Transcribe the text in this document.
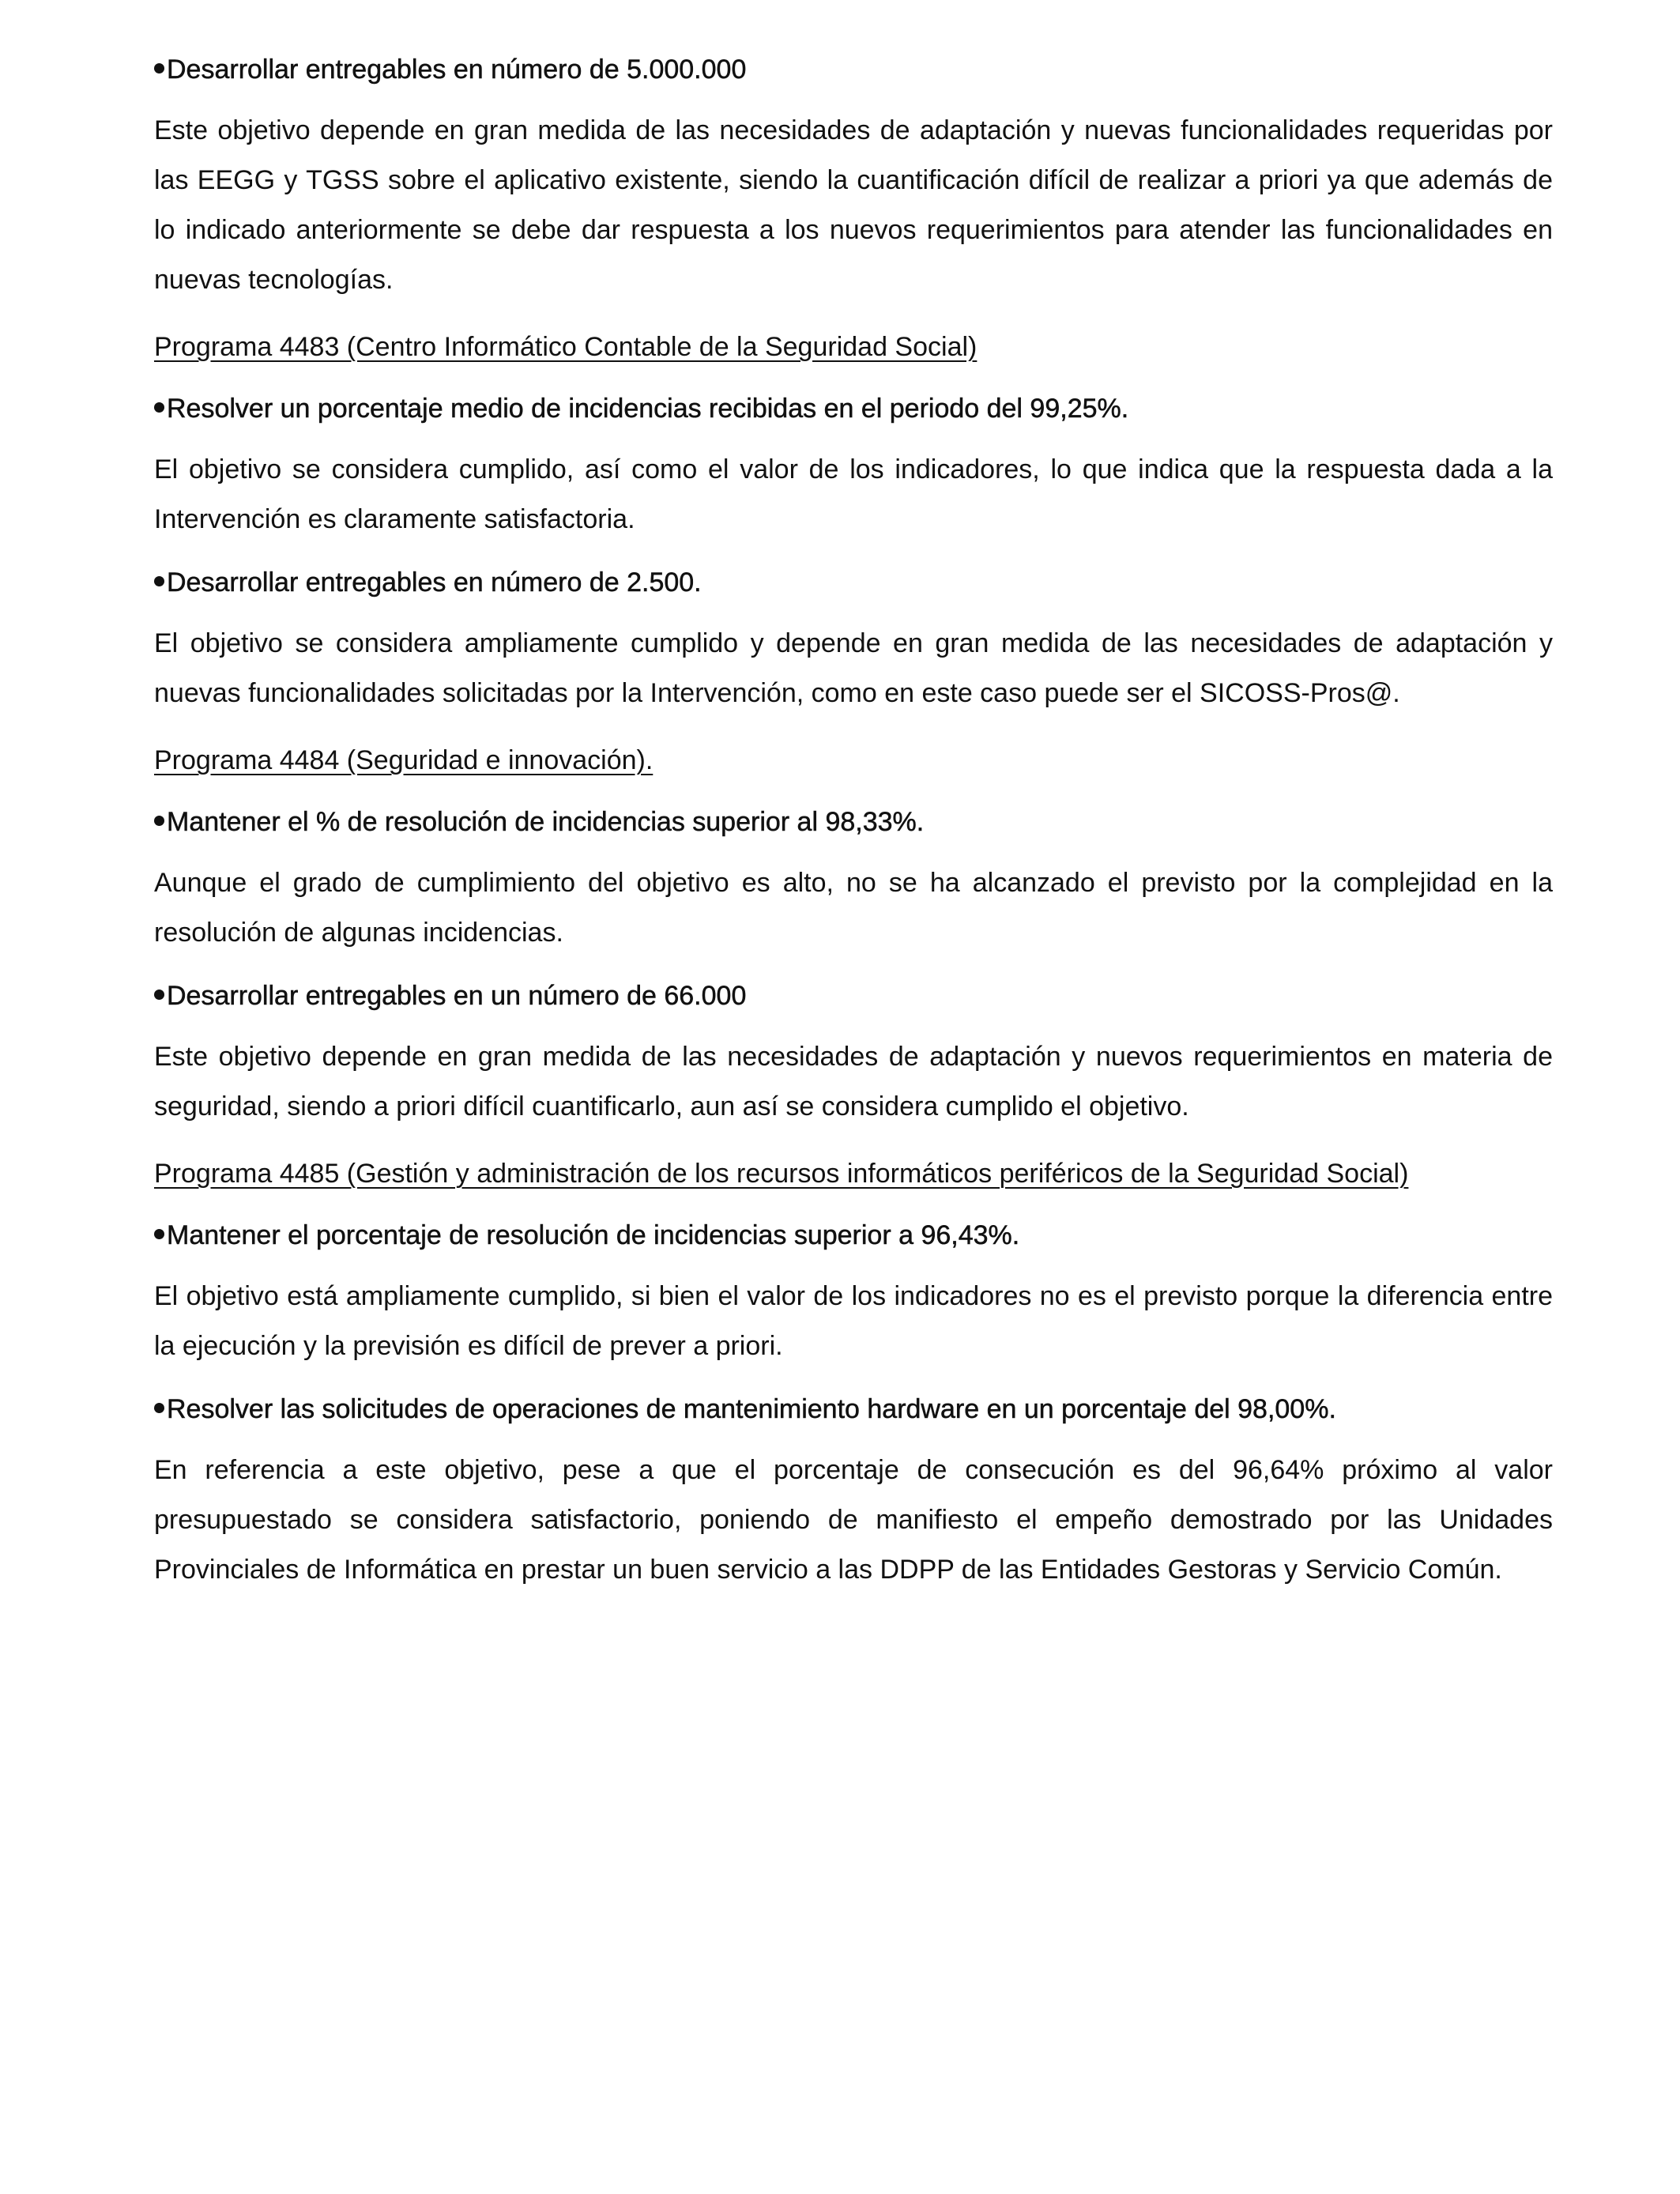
Desarrollar entregables en número de 5.000.000

Este objetivo depende en gran medida de las necesidades de adaptación y nuevas funcionalidades requeridas por las EEGG y TGSS sobre el aplicativo existente, siendo la cuantificación difícil de realizar a priori ya que además de lo indicado anteriormente se debe dar respuesta a los nuevos requerimientos para atender las funcionalidades en nuevas tecnologías.

Programa 4483 (Centro Informático Contable de la Seguridad Social)
Resolver un porcentaje medio de incidencias recibidas en el periodo del 99,25%.

El objetivo se considera cumplido, así como el valor de los indicadores, lo que indica que la respuesta dada a la Intervención es claramente satisfactoria.

Desarrollar entregables en número de 2.500.

El objetivo se considera ampliamente cumplido y depende en gran medida de las necesidades de adaptación y nuevas funcionalidades solicitadas por la Intervención, como en este caso puede ser el SICOSS-Pros@.

Programa 4484 (Seguridad e innovación).
Mantener el % de resolución de incidencias superior al 98,33%.

Aunque el grado de cumplimiento del objetivo es alto, no se ha alcanzado el previsto por la complejidad en la resolución de algunas incidencias.

Desarrollar entregables en un número de 66.000

Este objetivo depende en gran medida de las necesidades de adaptación y nuevos requerimientos en materia de seguridad, siendo a priori difícil cuantificarlo, aun así se considera cumplido el objetivo.

Programa 4485 (Gestión y administración de los recursos informáticos periféricos de la Seguridad Social)
Mantener el porcentaje de resolución de incidencias superior a 96,43%.

El objetivo está ampliamente cumplido, si bien el valor de los indicadores no es el previsto porque la diferencia entre la ejecución y la previsión es difícil de prever a priori.

Resolver las solicitudes de operaciones de mantenimiento hardware en un porcentaje del 98,00%.

En referencia a este objetivo, pese a que el porcentaje de consecución es del 96,64% próximo al valor presupuestado se considera satisfactorio, poniendo de manifiesto el empeño demostrado por las Unidades Provinciales de Informática en prestar un buen servicio a las DDPP de las Entidades Gestoras y Servicio Común.
